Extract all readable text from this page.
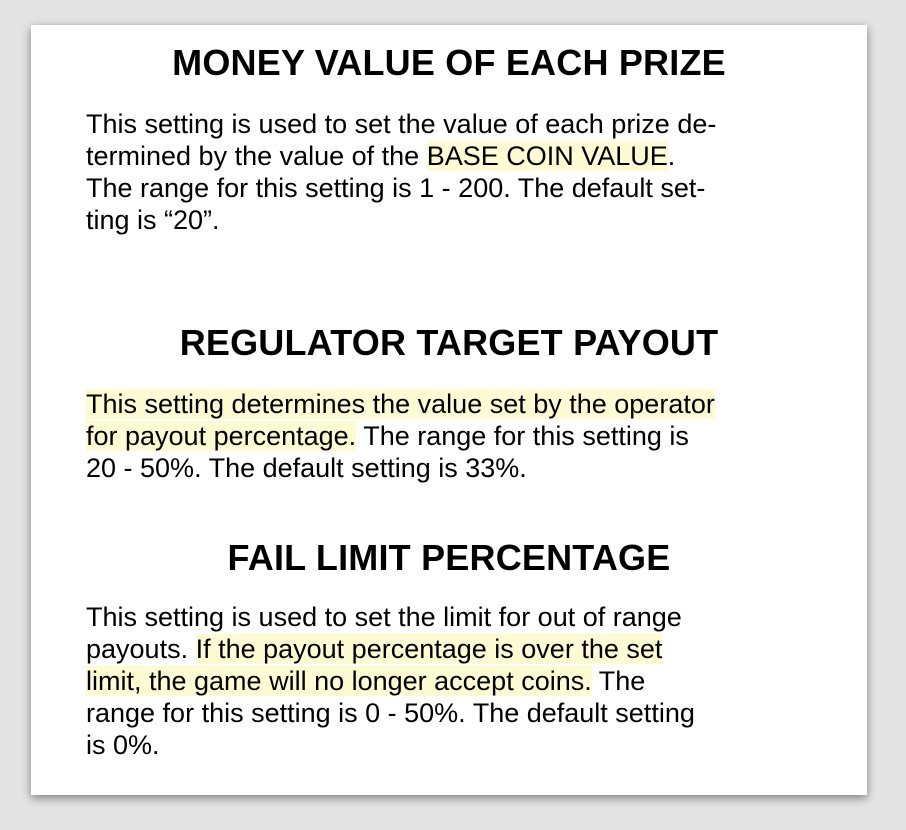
MONEY VALUE OF EACH PRIZE

This setting is used to set the value of each prize de-
termined by the value of the BASE COIN VALUE.
The range for this setting is 1 - 200. The default set-
ting is “20”.

REGULATOR TARGET PAYOUT

This setting determines the value set by the operator
for payout percentage. The range for this setting is
20 - 50%. The default setting is 33%.

FAIL LIMIT PERCENTAGE

This setting is used to set the limit for out of range
payouts. If the payout percentage is over the set
limit, the game will no longer accept coins. The
range for this setting is 0 - 50%. The default setting
is 0%.
